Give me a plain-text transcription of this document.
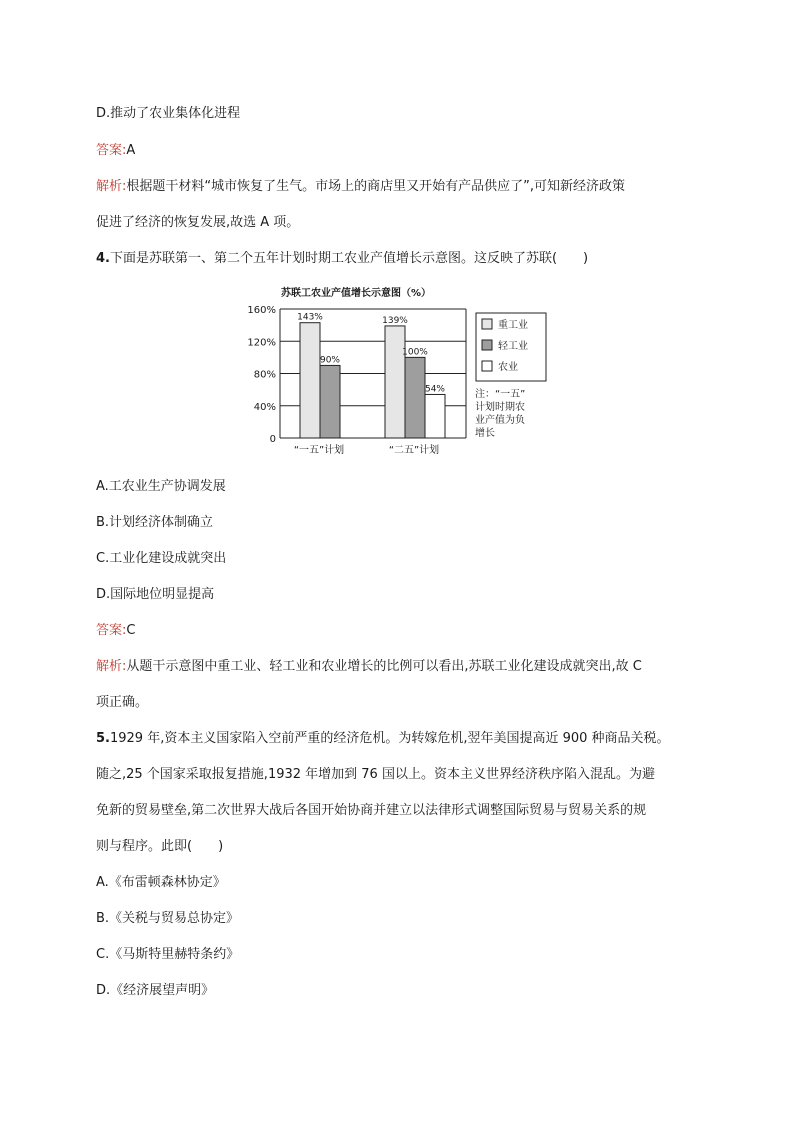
D.推动了农业集体化进程
答案:A
解析:根据题干材料“城市恢复了生气。市场上的商店里又开始有产品供应了”,可知新经济政策
促进了经济的恢复发展,故选 A 项。
4.下面是苏联第一、第二个五年计划时期工农业产值增长示意图。这反映了苏联(　　)
苏联工农业产值增长示意图（%）
160%
120%
80%
40%
0
143%
90%
139%
100%
54%
“一五”计划	“二五”计划
重工业
轻工业
农业
注：“一五”
计划时期农
业产值为负
增长
A.工农业生产协调发展
B.计划经济体制确立
C.工业化建设成就突出
D.国际地位明显提高
答案:C
解析:从题干示意图中重工业、轻工业和农业增长的比例可以看出,苏联工业化建设成就突出,故 C
项正确。
5.1929 年,资本主义国家陷入空前严重的经济危机。为转嫁危机,翌年美国提高近 900 种商品关税。
随之,25 个国家采取报复措施,1932 年增加到 76 国以上。资本主义世界经济秩序陷入混乱。为避
免新的贸易壁垒,第二次世界大战后各国开始协商并建立以法律形式调整国际贸易与贸易关系的规
则与程序。此即(　　)
A.《布雷顿森林协定》
B.《关税与贸易总协定》
C.《马斯特里赫特条约》
D.《经济展望声明》
